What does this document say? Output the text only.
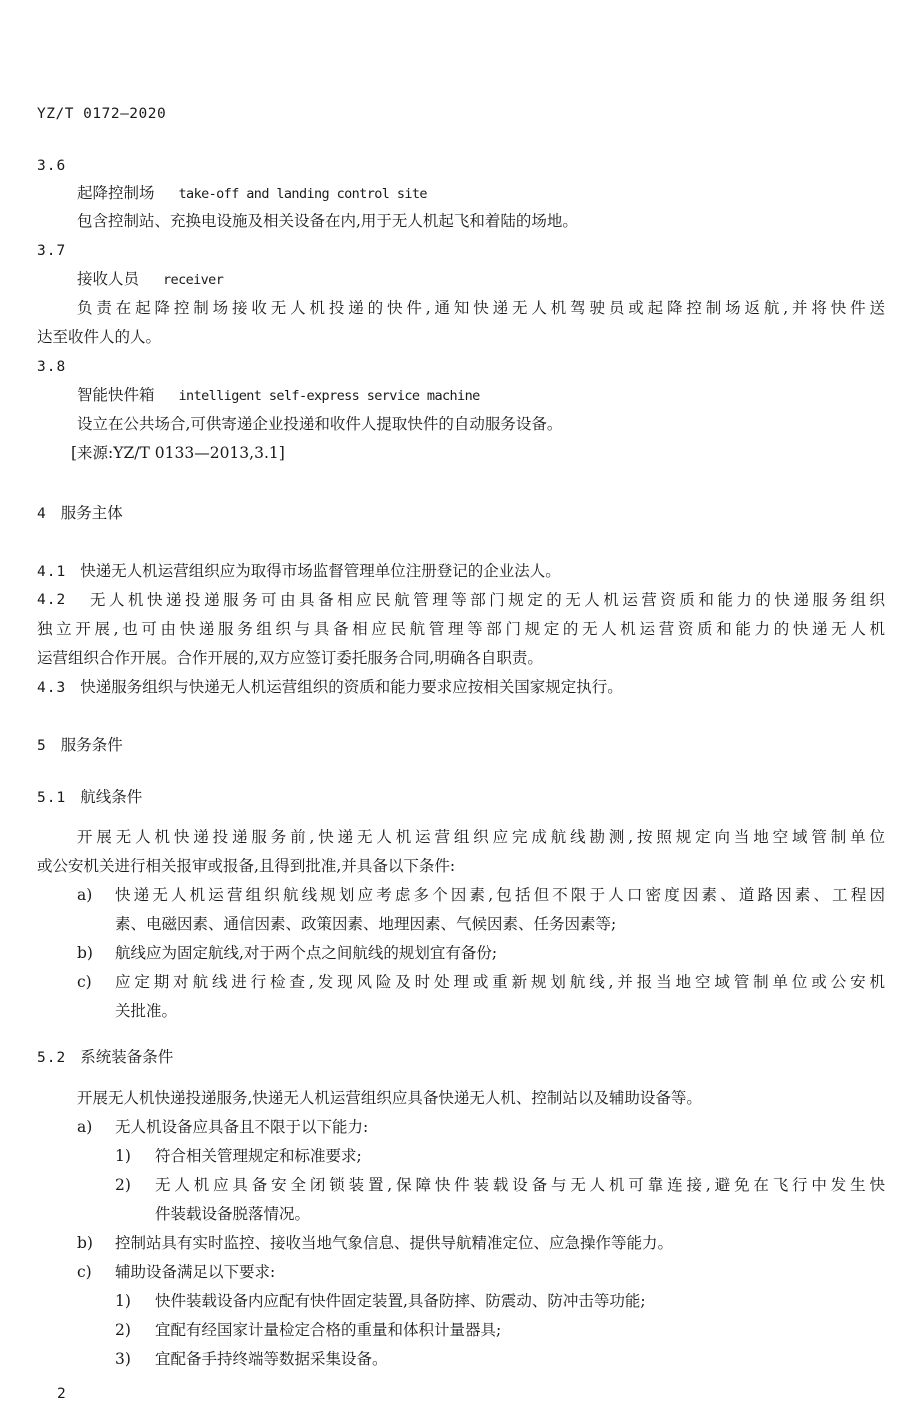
YZ/T 0172—2020
3.6
起降控制场 take-off and landing control site
包含控制站、充换电设施及相关设备在内,用于无人机起飞和着陆的场地。
3.7
接收人员 receiver
负责在起降控制场接收无人机投递的快件,通知快递无人机驾驶员或起降控制场返航,并将快件送
达至收件人的人。
3.8
智能快件箱 intelligent self-express service machine
设立在公共场合,可供寄递企业投递和收件人提取快件的自动服务设备。
[来源:YZ/T 0133—2013,3.1]
4 服务主体
4.1 快递无人机运营组织应为取得市场监督管理单位注册登记的企业法人。
4.2 无人机快递投递服务可由具备相应民航管理等部门规定的无人机运营资质和能力的快递服务组织
独立开展,也可由快递服务组织与具备相应民航管理等部门规定的无人机运营资质和能力的快递无人机
运营组织合作开展。合作开展的,双方应签订委托服务合同,明确各自职责。
4.3 快递服务组织与快递无人机运营组织的资质和能力要求应按相关国家规定执行。
5 服务条件
5.1 航线条件
开展无人机快递投递服务前,快递无人机运营组织应完成航线勘测,按照规定向当地空域管制单位
或公安机关进行相关报审或报备,且得到批准,并具备以下条件:
a) 快递无人机运营组织航线规划应考虑多个因素,包括但不限于人口密度因素、道路因素、工程因
素、电磁因素、通信因素、政策因素、地理因素、气候因素、任务因素等;
b) 航线应为固定航线,对于两个点之间航线的规划宜有备份;
c) 应定期对航线进行检查,发现风险及时处理或重新规划航线,并报当地空域管制单位或公安机
关批准。
5.2 系统装备条件
开展无人机快递投递服务,快递无人机运营组织应具备快递无人机、控制站以及辅助设备等。
a) 无人机设备应具备且不限于以下能力:
1) 符合相关管理规定和标准要求;
2) 无人机应具备安全闭锁装置,保障快件装载设备与无人机可靠连接,避免在飞行中发生快
件装载设备脱落情况。
b) 控制站具有实时监控、接收当地气象信息、提供导航精准定位、应急操作等能力。
c) 辅助设备满足以下要求:
1) 快件装载设备内应配有快件固定装置,具备防摔、防震动、防冲击等功能;
2) 宜配有经国家计量检定合格的重量和体积计量器具;
3) 宜配备手持终端等数据采集设备。
2
